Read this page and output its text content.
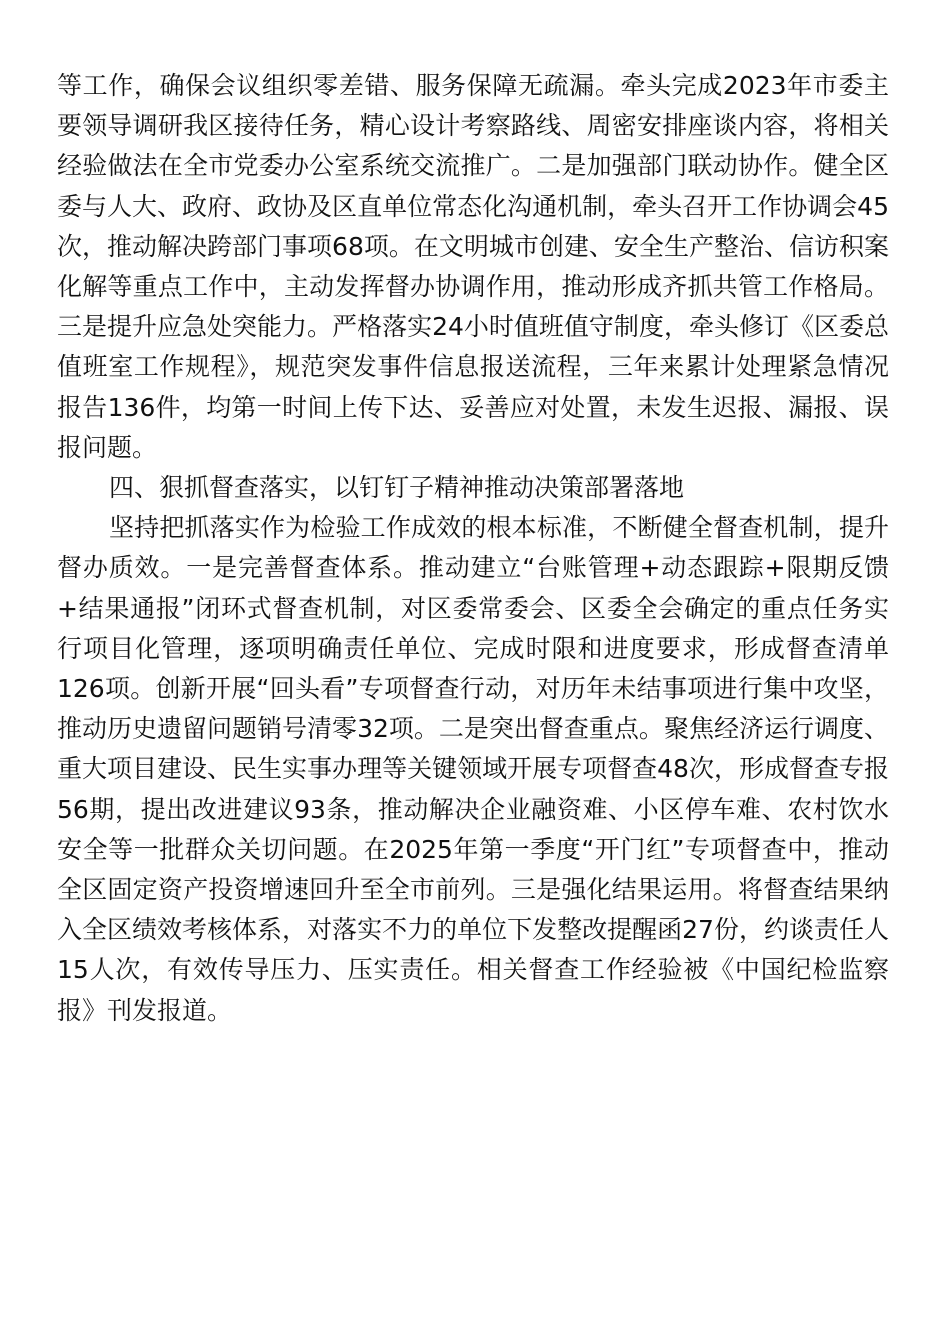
等工作，确保会议组织零差错、服务保障无疏漏。牵头完成2023年市委主要领导调研我区接待任务，精心设计考察路线、周密安排座谈内容，将相关经验做法在全市党委办公室系统交流推广。二是加强部门联动协作。健全区委与人大、政府、政协及区直单位常态化沟通机制，牵头召开工作协调会45次，推动解决跨部门事项68项。在文明城市创建、安全生产整治、信访积案化解等重点工作中，主动发挥督办协调作用，推动形成齐抓共管工作格局。三是提升应急处突能力。严格落实24小时值班值守制度，牵头修订《区委总值班室工作规程》，规范突发事件信息报送流程，三年来累计处理紧急情况报告136件，均第一时间上传下达、妥善应对处置，未发生迟报、漏报、误报问题。

四、狠抓督查落实，以钉钉子精神推动决策部署落地

坚持把抓落实作为检验工作成效的根本标准，不断健全督查机制，提升督办质效。一是完善督查体系。推动建立“台账管理+动态跟踪+限期反馈+结果通报”闭环式督查机制，对区委常委会、区委全会确定的重点任务实行项目化管理，逐项明确责任单位、完成时限和进度要求，形成督查清单126项。创新开展“回头看”专项督查行动，对历年未结事项进行集中攻坚，推动历史遗留问题销号清零32项。二是突出督查重点。聚焦经济运行调度、重大项目建设、民生实事办理等关键领域开展专项督查48次，形成督查专报56期，提出改进建议93条，推动解决企业融资难、小区停车难、农村饮水安全等一批群众关切问题。在2025年第一季度“开门红”专项督查中，推动全区固定资产投资增速回升至全市前列。三是强化结果运用。将督查结果纳入全区绩效考核体系，对落实不力的单位下发整改提醒函27份，约谈责任人15人次，有效传导压力、压实责任。相关督查工作经验被《中国纪检监察报》刊发报道。
